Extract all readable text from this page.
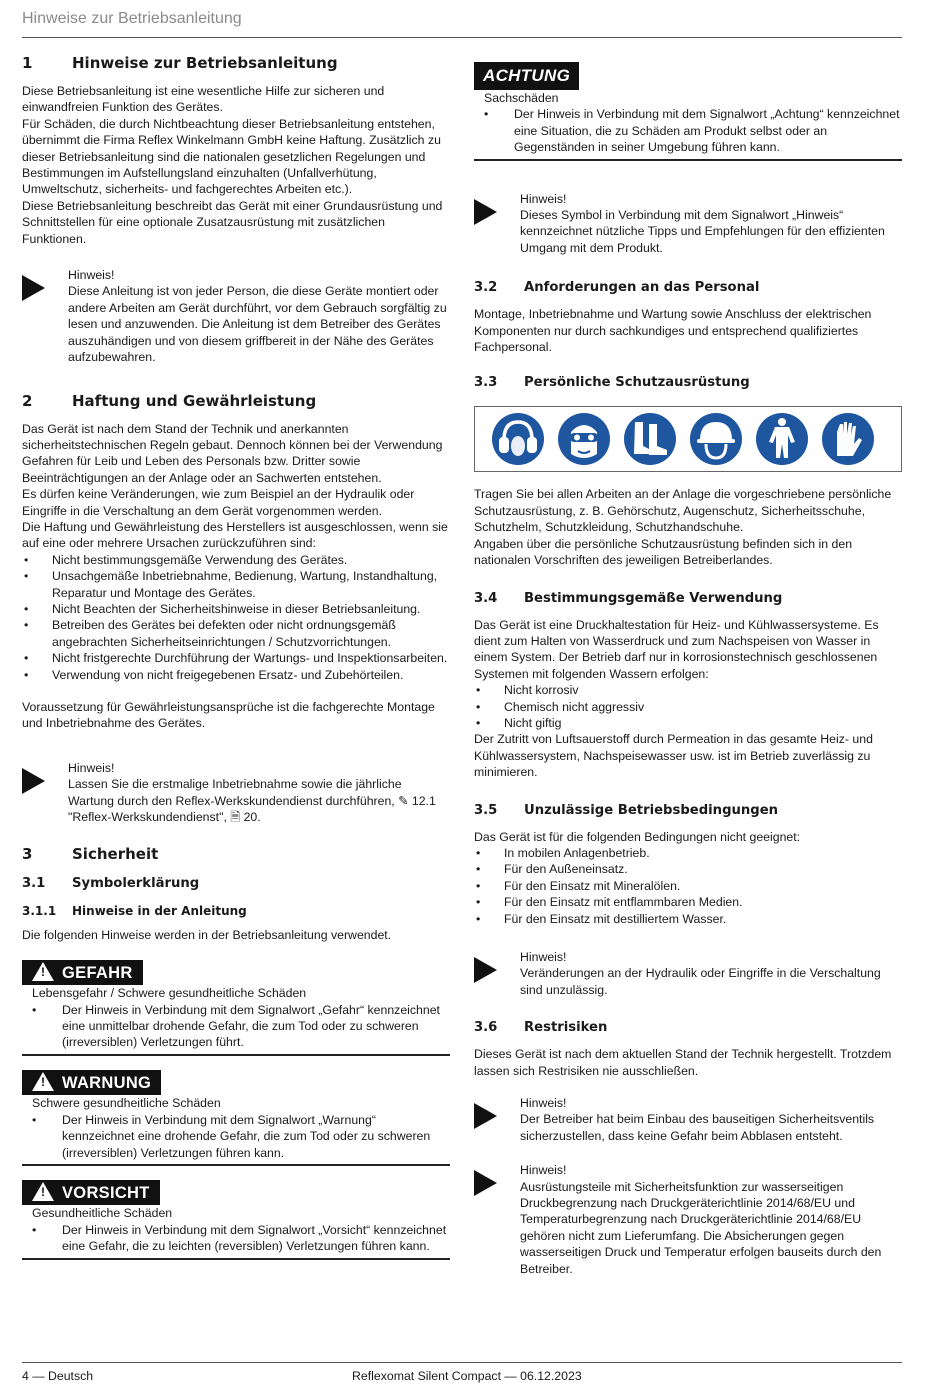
Hinweise zur Betriebsanleitung
1	Hinweise zur Betriebsanleitung

Diese Betriebsanleitung ist eine wesentliche Hilfe zur sicheren und einwandfreien Funktion des Gerätes.

Für Schäden, die durch Nichtbeachtung dieser Betriebsanleitung entstehen, übernimmt die Firma Reflex Winkelmann GmbH keine Haftung. Zusätzlich zu dieser Betriebsanleitung sind die nationalen gesetzlichen Regelungen und Bestimmungen im Aufstellungsland einzuhalten (Unfallverhütung, Umweltschutz, sicherheits- und fachgerechtes Arbeiten etc.).

Diese Betriebsanleitung beschreibt das Gerät mit einer Grundausrüstung und Schnittstellen für eine optionale Zusatzausrüstung mit zusätzlichen Funktionen.

Hinweis!

Diese Anleitung ist von jeder Person, die diese Geräte montiert oder andere Arbeiten am Gerät durchführt, vor dem Gebrauch sorgfältig zu lesen und anzuwenden. Die Anleitung ist dem Betreiber des Gerätes auszuhändigen und von diesem griffbereit in der Nähe des Gerätes aufzubewahren.

2	Haftung und Gewährleistung

Das Gerät ist nach dem Stand der Technik und anerkannten sicherheitstechnischen Regeln gebaut. Dennoch können bei der Verwendung Gefahren für Leib und Leben des Personals bzw. Dritter sowie Beeinträchtigungen an der Anlage oder an Sachwerten entstehen.

Es dürfen keine Veränderungen, wie zum Beispiel an der Hydraulik oder Eingriffe in die Verschaltung an dem Gerät vorgenommen werden.

Die Haftung und Gewährleistung des Herstellers ist ausgeschlossen, wenn sie auf eine oder mehrere Ursachen zurückzuführen sind:

• Nicht bestimmungsgemäße Verwendung des Gerätes.
• Unsachgemäße Inbetriebnahme, Bedienung, Wartung, Instandhaltung, Reparatur und Montage des Gerätes.
• Nicht Beachten der Sicherheitshinweise in dieser Betriebsanleitung.
• Betreiben des Gerätes bei defekten oder nicht ordnungsgemäß angebrachten Sicherheitseinrichtungen / Schutzvorrichtungen.
• Nicht fristgerechte Durchführung der Wartungs- und Inspektionsarbeiten.
• Verwendung von nicht freigegebenen Ersatz- und Zubehörteilen.

Voraussetzung für Gewährleistungsansprüche ist die fachgerechte Montage und Inbetriebnahme des Gerätes.

Hinweis!

Lassen Sie die erstmalige Inbetriebnahme sowie die jährliche Wartung durch den Reflex-Werkskundendienst durchführen, ✎ 12.1 "Reflex-Werkskundendienst", 🗎 20.

3	Sicherheit
3.1	Symbolerklärung
3.1.1	Hinweise in der Anleitung

Die folgenden Hinweise werden in der Betriebsanleitung verwendet.

! GEFAHR

Lebensgefahr / Schwere gesundheitliche Schäden

• Der Hinweis in Verbindung mit dem Signalwort „Gefahr“ kennzeichnet eine unmittelbar drohende Gefahr, die zum Tod oder zu schweren (irreversiblen) Verletzungen führt.
! WARNUNG

Schwere gesundheitliche Schäden

• Der Hinweis in Verbindung mit dem Signalwort „Warnung“ kennzeichnet eine drohende Gefahr, die zum Tod oder zu schweren (irreversiblen) Verletzungen führen kann.
! VORSICHT

Gesundheitliche Schäden

• Der Hinweis in Verbindung mit dem Signalwort „Vorsicht“ kennzeichnet eine Gefahr, die zu leichten (reversiblen) Verletzungen führen kann.
ACHTUNG

Sachschäden

• Der Hinweis in Verbindung mit dem Signalwort „Achtung“ kennzeichnet eine Situation, die zu Schäden am Produkt selbst oder an Gegenständen in seiner Umgebung führen kann.

Hinweis!

Dieses Symbol in Verbindung mit dem Signalwort „Hinweis“ kennzeichnet nützliche Tipps und Empfehlungen für den effizienten Umgang mit dem Produkt.

3.2	Anforderungen an das Personal

Montage, Inbetriebnahme und Wartung sowie Anschluss der elektrischen Komponenten nur durch sachkundiges und entsprechend qualifiziertes Fachpersonal.

3.3	Persönliche Schutzausrüstung

Tragen Sie bei allen Arbeiten an der Anlage die vorgeschriebene persönliche Schutzausrüstung, z. B. Gehörschutz, Augenschutz, Sicherheitsschuhe, Schutzhelm, Schutzkleidung, Schutzhandschuhe.

Angaben über die persönliche Schutzausrüstung befinden sich in den nationalen Vorschriften des jeweiligen Betreiberlandes.

3.4	Bestimmungsgemäße Verwendung

Das Gerät ist eine Druckhaltestation für Heiz- und Kühlwassersysteme. Es dient zum Halten von Wasserdruck und zum Nachspeisen von Wasser in einem System. Der Betrieb darf nur in korrosionstechnisch geschlossenen Systemen mit folgenden Wassern erfolgen:

• Nicht korrosiv
• Chemisch nicht aggressiv
• Nicht giftig

Der Zutritt von Luftsauerstoff durch Permeation in das gesamte Heiz- und Kühlwassersystem, Nachspeisewasser usw. ist im Betrieb zuverlässig zu minimieren.

3.5	Unzulässige Betriebsbedingungen

Das Gerät ist für die folgenden Bedingungen nicht geeignet:

• In mobilen Anlagenbetrieb.
• Für den Außeneinsatz.
• Für den Einsatz mit Mineralölen.
• Für den Einsatz mit entflammbaren Medien.
• Für den Einsatz mit destilliertem Wasser.

Hinweis!

Veränderungen an der Hydraulik oder Eingriffe in die Verschaltung sind unzulässig.

3.6	Restrisiken

Dieses Gerät ist nach dem aktuellen Stand der Technik hergestellt. Trotzdem lassen sich Restrisiken nie ausschließen.

Hinweis!

Der Betreiber hat beim Einbau des bauseitigen Sicherheitsventils sicherzustellen, dass keine Gefahr beim Abblasen entsteht.

Hinweis!

Ausrüstungsteile mit Sicherheitsfunktion zur wasserseitigen Druckbegrenzung nach Druckgeräterichtlinie 2014/68/EU und Temperaturbegrenzung nach Druckgeräterichtlinie 2014/68/EU gehören nicht zum Lieferumfang. Die Absicherungen gegen wasserseitigen Druck und Temperatur erfolgen bauseits durch den Betreiber.

4 — Deutsch	Reflexomat Silent Compact — 06.12.2023
